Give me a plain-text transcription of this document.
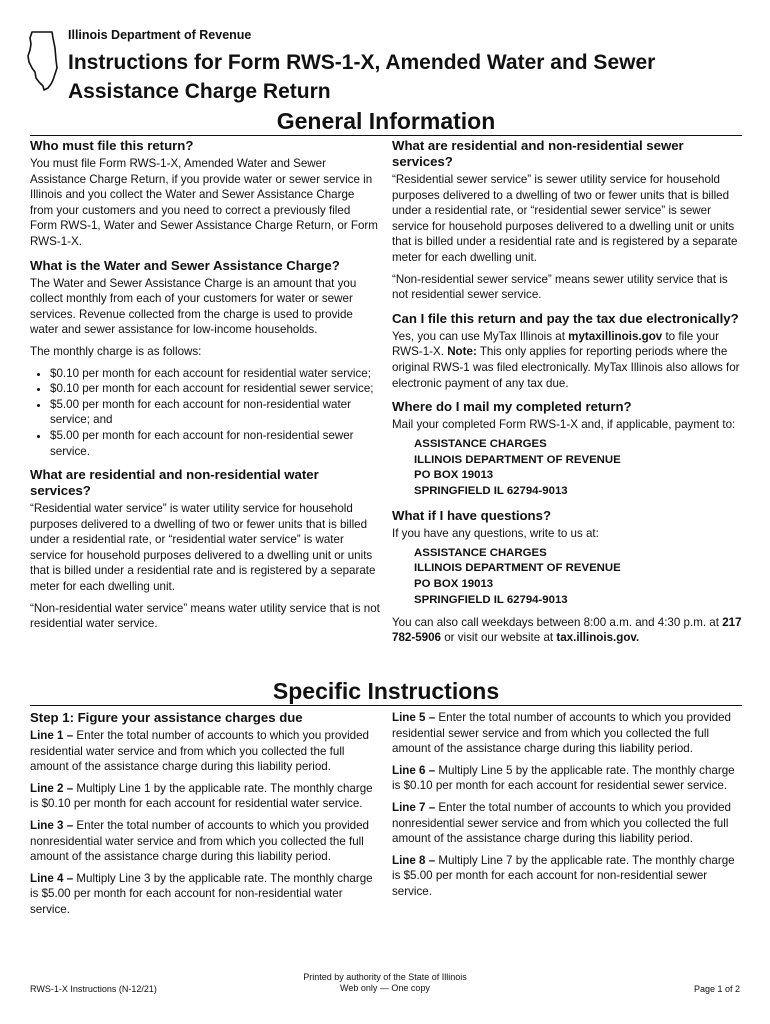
Illinois Department of Revenue
Instructions for Form RWS-1-X, Amended Water and Sewer Assistance Charge Return
General Information
Who must file this return?

You must file Form RWS-1-X, Amended Water and Sewer Assistance Charge Return, if you provide water or sewer service in Illinois and you collect the Water and Sewer Assistance Charge from your customers and you need to correct a previously filed Form RWS-1, Water and Sewer Assistance Charge Return, or Form RWS-1-X.

What is the Water and Sewer Assistance Charge?

The Water and Sewer Assistance Charge is an amount that you collect monthly from each of your customers for water or sewer services. Revenue collected from the charge is used to provide water and sewer assistance for low-income households.

The monthly charge is as follows:

• $0.10 per month for each account for residential water service;
• $0.10 per month for each account for residential sewer service;
• $5.00 per month for each account for non-residential water service; and
• $5.00 per month for each account for non-residential sewer service.
What are residential and non-residential water services?

“Residential water service” is water utility service for household purposes delivered to a dwelling of two or fewer units that is billed under a residential rate, or “residential water service” is water service for household purposes delivered to a dwelling unit or units that is billed under a residential rate and is registered by a separate meter for each dwelling unit.

“Non-residential water service” means water utility service that is not residential water service.

What are residential and non-residential sewer services?

“Residential sewer service” is sewer utility service for household purposes delivered to a dwelling of two or fewer units that is billed under a residential rate, or “residential sewer service” is sewer service for household purposes delivered to a dwelling unit or units that is billed under a residential rate and is registered by a separate meter for each dwelling unit.

“Non-residential sewer service” means sewer utility service that is not residential sewer service.

Can I file this return and pay the tax due electronically?

Yes, you can use MyTax Illinois at mytaxillinois.gov to file your RWS-1-X. Note: This only applies for reporting periods where the original RWS-1 was filed electronically. MyTax Illinois also allows for electronic payment of any tax due.

Where do I mail my completed return?

Mail your completed Form RWS-1-X and, if applicable, payment to:

ASSISTANCE CHARGES
ILLINOIS DEPARTMENT OF REVENUE
PO BOX 19013
SPRINGFIELD IL 62794-9013
What if I have questions?

If you have any questions, write to us at:

ASSISTANCE CHARGES
ILLINOIS DEPARTMENT OF REVENUE
PO BOX 19013
SPRINGFIELD IL 62794-9013

You can also call weekdays between 8:00 a.m. and 4:30 p.m. at 217 782-5906 or visit our website at tax.illinois.gov.

Specific Instructions
Step 1: Figure your assistance charges due

Line 1 – Enter the total number of accounts to which you provided residential water service and from which you collected the full amount of the assistance charge during this liability period.

Line 2 – Multiply Line 1 by the applicable rate. The monthly charge is $0.10 per month for each account for residential water service.

Line 3 – Enter the total number of accounts to which you provided nonresidential water service and from which you collected the full amount of the assistance charge during this liability period.

Line 4 – Multiply Line 3 by the applicable rate. The monthly charge is $5.00 per month for each account for non-residential water service.

Line 5 – Enter the total number of accounts to which you provided residential sewer service and from which you collected the full amount of the assistance charge during this liability period.

Line 6 – Multiply Line 5 by the applicable rate. The monthly charge is $0.10 per month for each account for residential sewer service.

Line 7 – Enter the total number of accounts to which you provided nonresidential sewer service and from which you collected the full amount of the assistance charge during this liability period.

Line 8 – Multiply Line 7 by the applicable rate. The monthly charge is $5.00 per month for each account for non-residential sewer service.

RWS-1-X Instructions (N-12/21)
Printed by authority of the State of Illinois
Web only — One copy	Page 1 of 2
